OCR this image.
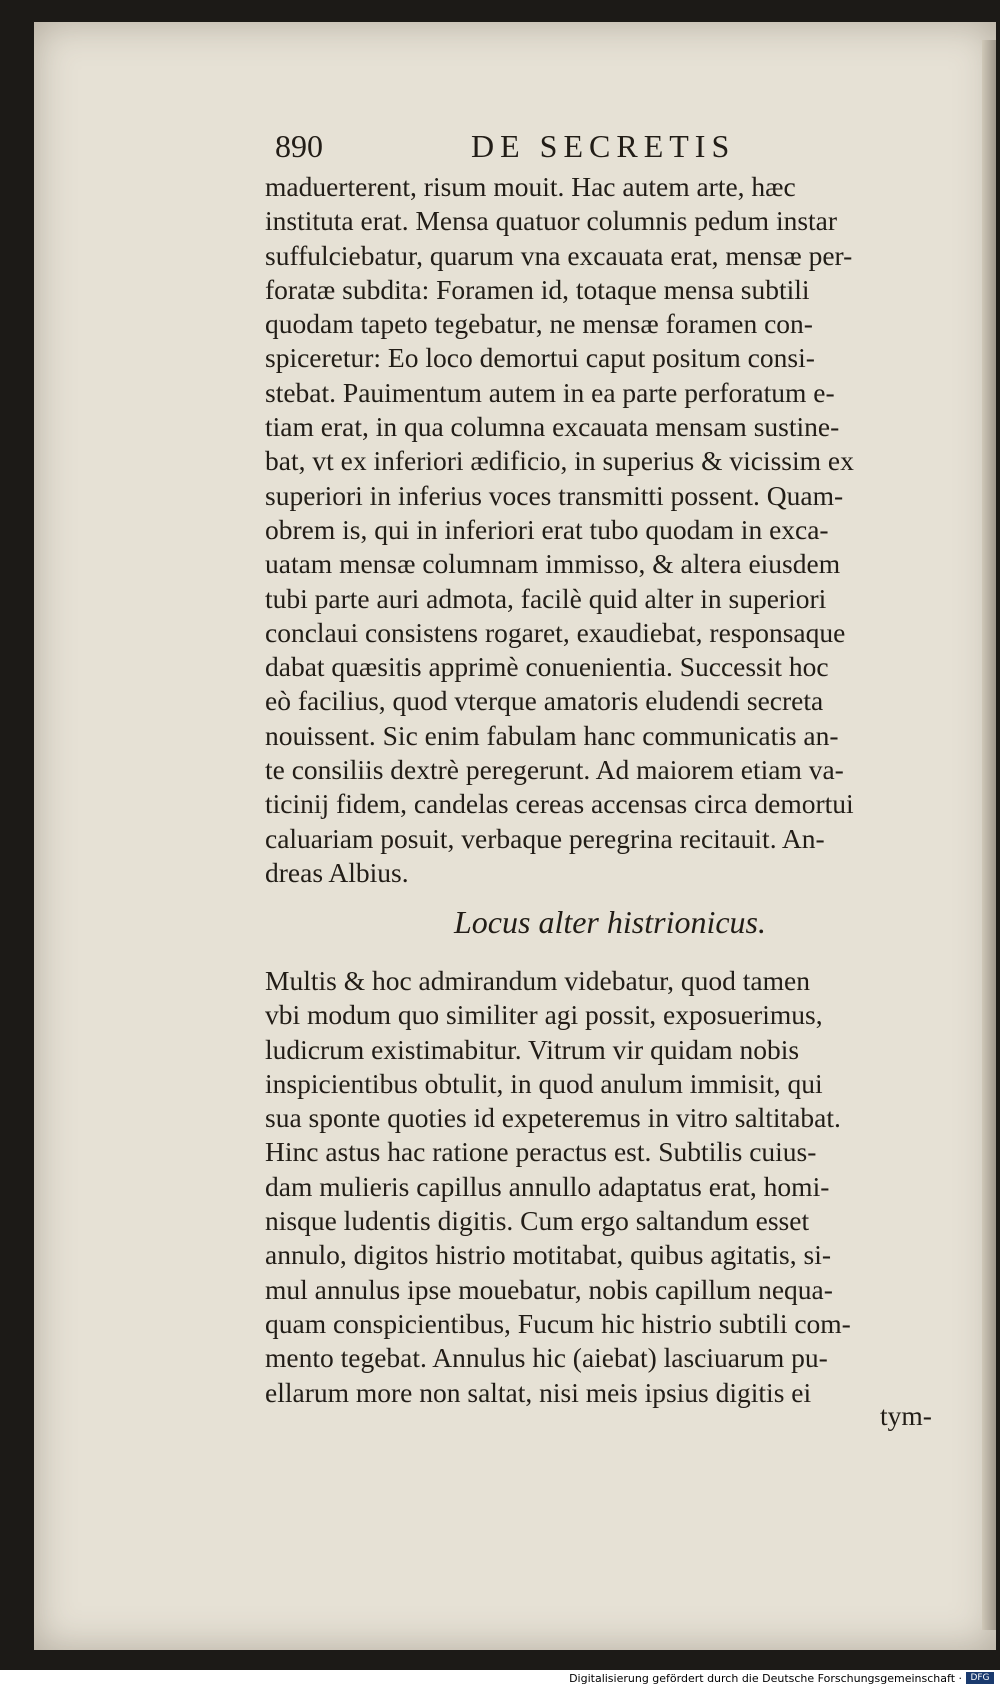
890	DE SECRETIS
maduerterent, risum mouit. Hac autem arte, hæc
instituta erat. Mensa quatuor columnis pedum instar
suffulciebatur, quarum vna excauata erat, mensæ per-
foratæ subdita: Foramen id, totaque mensa subtili
quodam tapeto tegebatur, ne mensæ foramen con-
spiceretur: Eo loco demortui caput positum consi-
stebat. Pauimentum autem in ea parte perforatum e-
tiam erat, in qua columna excauata mensam sustine-
bat, vt ex inferiori ædificio, in superius & vicissim ex
superiori in inferius voces transmitti possent. Quam-
obrem is, qui in inferiori erat tubo quodam in exca-
uatam mensæ columnam immisso, & altera eiusdem
tubi parte auri admota, facilè quid alter in superiori
conclaui consistens rogaret, exaudiebat, responsaque
dabat quæsitis apprimè conuenientia. Successit hoc
eò facilius, quod vterque amatoris eludendi secreta
nouissent. Sic enim fabulam hanc communicatis an-
te consiliis dextrè peregerunt. Ad maiorem etiam va-
ticinij fidem, candelas cereas accensas circa demortui
caluariam posuit, verbaque peregrina recitauit. An-
dreas Albius.
Locus alter histrionicus.
Multis & hoc admirandum videbatur, quod tamen
vbi modum quo similiter agi possit, exposuerimus,
ludicrum existimabitur. Vitrum vir quidam nobis
inspicientibus obtulit, in quod anulum immisit, qui
sua sponte quoties id expeteremus in vitro saltitabat.
Hinc astus hac ratione peractus est. Subtilis cuius-
dam mulieris capillus annullo adaptatus erat, homi-
nisque ludentis digitis. Cum ergo saltandum esset
annulo, digitos histrio motitabat, quibus agitatis, si-
mul annulus ipse mouebatur, nobis capillum nequa-
quam conspicientibus, Fucum hic histrio subtili com-
mento tegebat. Annulus hic (aiebat) lasciuarum pu-
ellarum more non saltat, nisi meis ipsius digitis ei
tym-
Digitalisierung gefördert durch die Deutsche Forschungsgemeinschaft · DFG
